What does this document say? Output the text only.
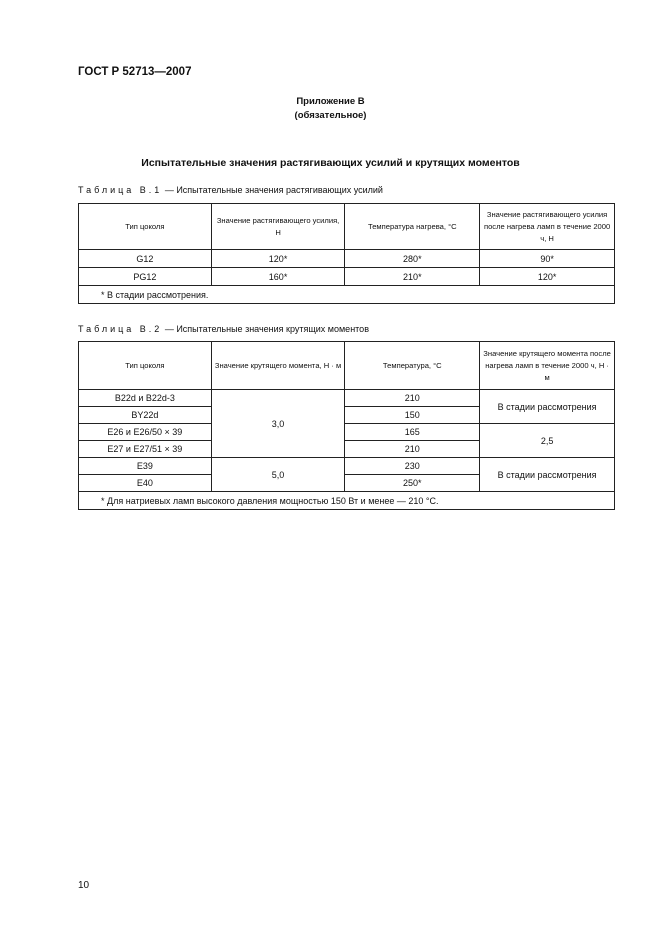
ГОСТ Р 52713—2007
Приложение В
(обязательное)
Испытательные значения растягивающих усилий и крутящих моментов
Таблица В.1 — Испытательные значения растягивающих усилий
Тип цоколя	Значение растягивающего усилия, Н	Температура нагрева, °С	Значение растягивающего усилия после нагрева ламп в течение 2000 ч, Н
G12	120*	280*	90*
PG12	160*	210*	120*
* В стадии рассмотрения.			
Таблица В.2 — Испытательные значения крутящих моментов
Тип цоколя	Значение крутящего момента, Н · м	Температура, °С	Значение крутящего момента после нагрева ламп в течение 2000 ч, Н · м
B22d и B22d-3	3,0	210	В стадии рассмотрения
BY22d		150	
E26 и E26/50 × 39		165	2,5
E27 и E27/51 × 39		210	
E39	5,0	230	В стадии рассмотрения
E40		250*	
* Для натриевых ламп высокого давления мощностью 150 Вт и менее — 210 °С.			
10
